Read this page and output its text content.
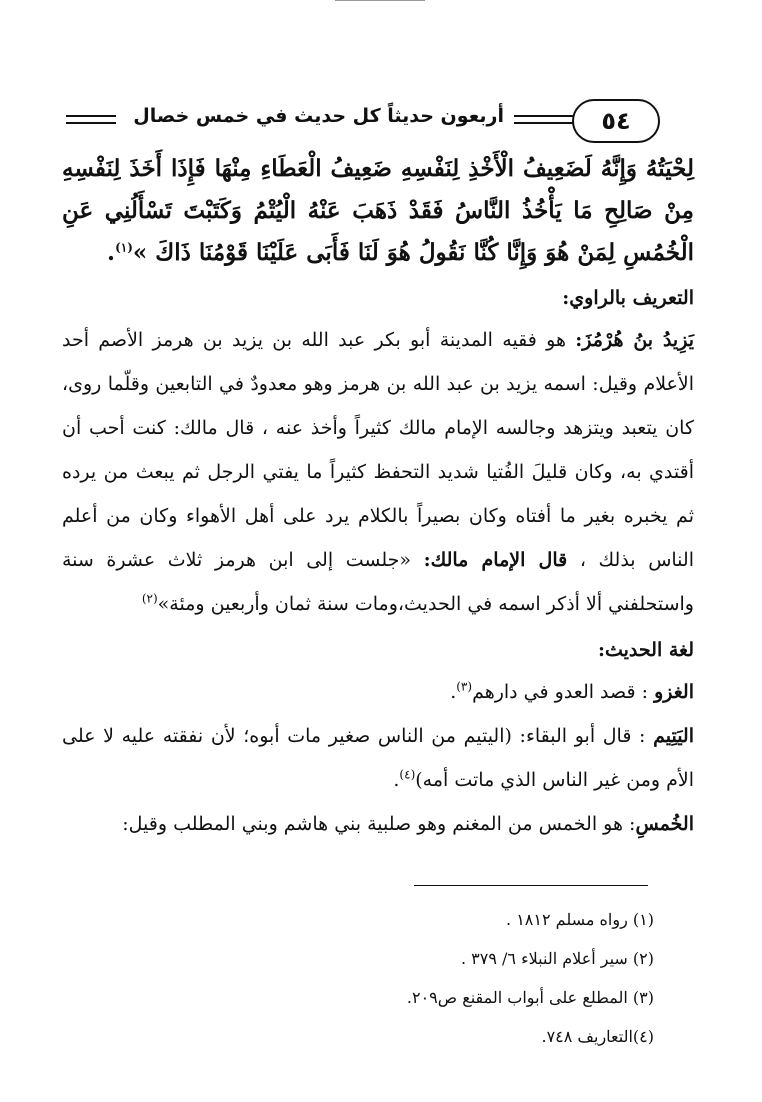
أربعون حديثاً كل حديث في خمس خصال	٥٤

لِحْيَتُهُ وَإِنَّهُ لَضَعِيفُ الْأَخْذِ لِنَفْسِهِ ضَعِيفُ الْعَطَاءِ مِنْهَا فَإِذَا أَخَذَ لِنَفْسِهِ مِنْ صَالِحِ مَا يَأْخُذُ النَّاسُ فَقَدْ ذَهَبَ عَنْهُ الْيُتْمُ وَكَتَبْتَ تَسْأَلُنِي عَنِ الْخُمُسِ لِمَنْ هُوَ وَإِنَّا كُنَّا نَقُولُ هُوَ لَنَا فَأَبَى عَلَيْنَا قَوْمُنَا ذَاكَ »$^{(١)}$.

التعريف بالراوي:

يَزِيدُ بنُ هُرْمُزَ: هو فقيه المدينة أبو بكر عبد الله بن يزيد بن هرمز الأصم أحد الأعلام وقيل: اسمه يزيد بن عبد الله بن هرمز وهو معدودٌ في التابعين وقلّما روى، كان يتعبد ويتزهد وجالسه الإمام مالك كثيراً وأخذ عنه ، قال مالك: كنت أحب أن أقتدي به، وكان قليلَ الفُتيا شديد التحفظ كثيراً ما يفتي الرجل ثم يبعث من يرده ثم يخبره بغير ما أفتاه وكان بصيراً بالكلام يرد على أهل الأهواء وكان من أعلم الناس بذلك ، قال الإمام مالك: «جلست إلى ابن هرمز ثلاث عشرة سنة واستحلفني ألا أذكر اسمه في الحديث،ومات سنة ثمان وأربعين ومئة»$^{(٢)}$

لغة الحديث:

الغزو : قصد العدو في دارهم$^{(٣)}$.

اليَتِيم : قال أبو البقاء: (اليتيم من الناس صغير مات أبوه؛ لأن نفقته عليه لا على الأم ومن غير الناس الذي ماتت أمه)$^{(٤)}$.

الخُمسِ: هو الخمس من المغنم وهو صلبية بني هاشم وبني المطلب وقيل:

(١) رواه مسلم ١٨١٢ .

(٢) سير أعلام النبلاء ٦/ ٣٧٩ .

(٣) المطلع على أبواب المقنع ص٢٠٩.

(٤)التعاريف ٧٤٨.
